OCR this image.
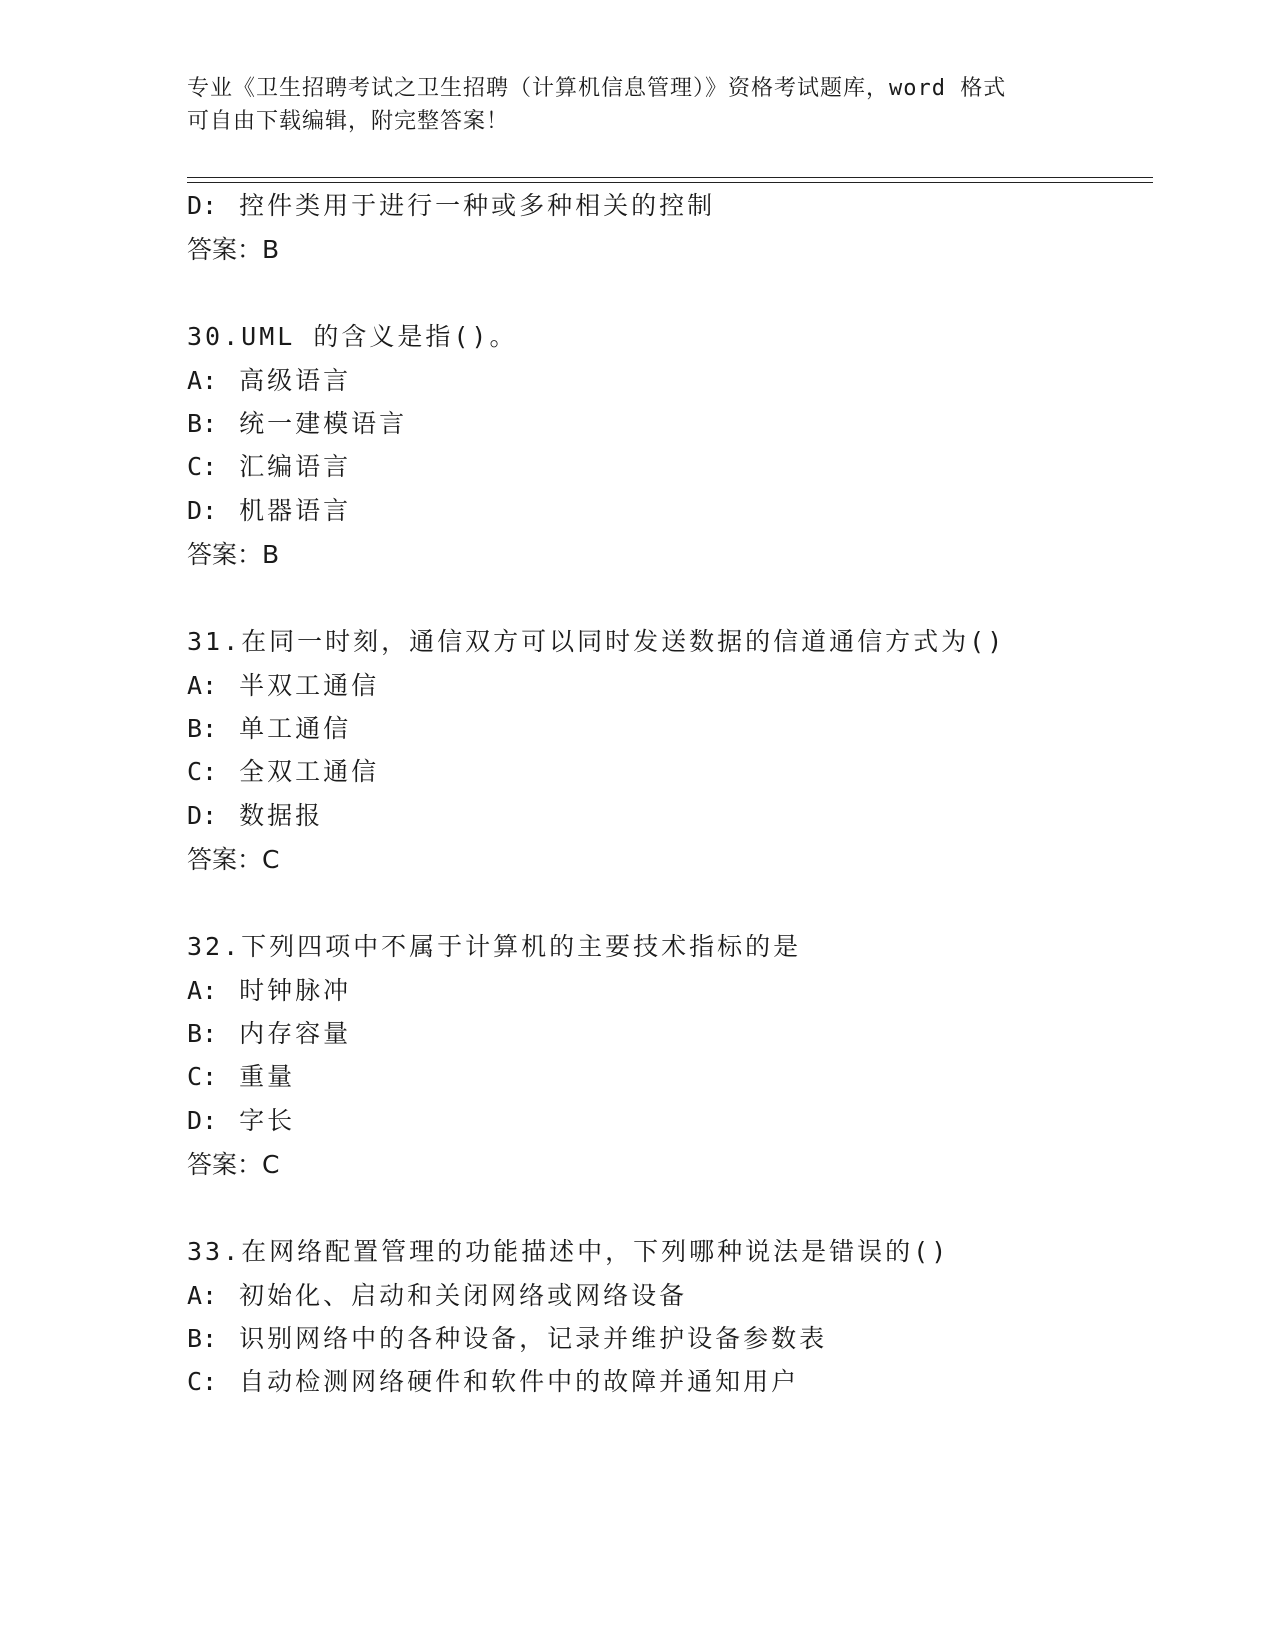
专业《卫生招聘考试之卫生招聘（计算机信息管理）》资格考试题库，word 格式
可自由下载编辑，附完整答案！
D: 控件类用于进行一种或多种相关的控制
答案：B
30.UML 的含义是指()。
A: 高级语言
B: 统一建模语言
C: 汇编语言
D: 机器语言
答案：B
31.在同一时刻，通信双方可以同时发送数据的信道通信方式为()
A: 半双工通信
B: 单工通信
C: 全双工通信
D: 数据报
答案：C
32.下列四项中不属于计算机的主要技术指标的是
A: 时钟脉冲
B: 内存容量
C: 重量
D: 字长
答案：C
33.在网络配置管理的功能描述中，下列哪种说法是错误的()
A: 初始化、启动和关闭网络或网络设备
B: 识别网络中的各种设备，记录并维护设备参数表
C: 自动检测网络硬件和软件中的故障并通知用户
